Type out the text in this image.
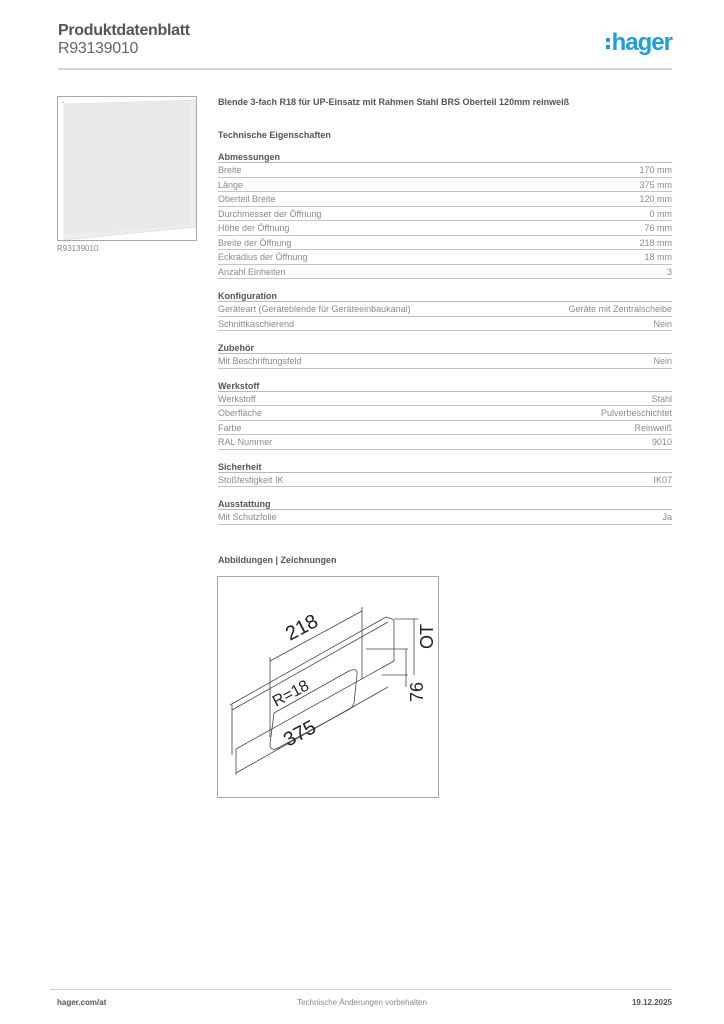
Produktdatenblatt
R93139010	hager
R93139010
Blende 3-fach R18 für UP-Einsatz mit Rahmen Stahl BRS Oberteil 120mm reinweiß
Technische Eigenschaften
Abmessungen
Breite	170 mm
Länge	375 mm
Oberteil Breite	120 mm
Durchmesser der Öffnung	0 mm
Höhe der Öffnung	76 mm
Breite der Öffnung	218 mm
Eckradius der Öffnung	18 mm
Anzahl Einheiten	3
Konfiguration
Geräteart (Geräteblende für Geräteeinbaukanal)	Geräte mit Zentralscheibe
Schnittkaschierend	Nein
Zubehör
Mit Beschriftungsfeld	Nein
Werkstoff
Werkstoff	Stahl
Oberfläche	Pulverbeschichtet
Farbe	Reinweiß
RAL Nummer	9010
Sicherheit
Stoßfestigkeit IK	IK07
Ausstattung
Mit Schutzfolie	Ja
Abbildungen | Zeichnungen
218
375
R=18
OT
76
hager.com/at	Technische Änderungen vorbehalten	19.12.2025
